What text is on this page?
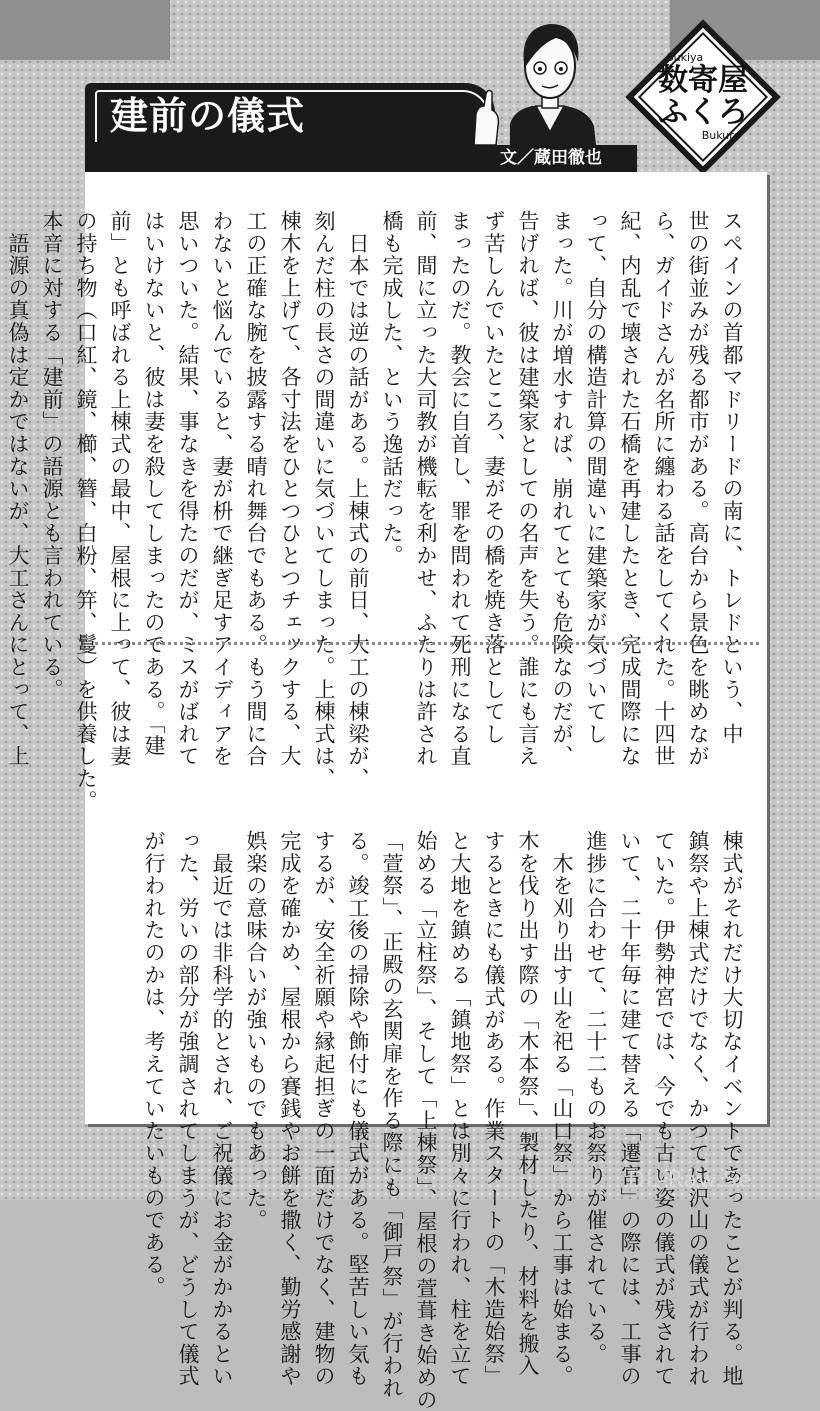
建前の儀式
文／蔵田徹也
Sukiya
数寄屋
ふくろ
Bukuro
スペインの首都マドリードの南に、トレドという、中
世の街並みが残る都市がある。高台から景色を眺めなが
ら、ガイドさんが名所に纏わる話をしてくれた。十四世
紀、内乱で壊された石橋を再建したとき、完成間際にな
って、自分の構造計算の間違いに建築家が気づいてし
まった。川が増水すれば、崩れてとても危険なのだが、
告げれば、彼は建築家としての名声を失う。誰にも言え
ず苦しんでいたところ、妻がその橋を焼き落としてし
まったのだ。教会に自首し、罪を問われて死刑になる直
前、間に立った大司教が機転を利かせ、ふたりは許され
橋も完成した、という逸話だった。
　日本では逆の話がある。上棟式の前日、大工の棟梁が、
刻んだ柱の長さの間違いに気づいてしまった。上棟式は、
棟木を上げて、各寸法をひとつひとつチェックする、大
工の正確な腕を披露する晴れ舞台でもある。もう間に合
わないと悩んでいると、妻が枡で継ぎ足すアイディアを
思いついた。結果、事なきを得たのだが、ミスがばれて
はいけないと、彼は妻を殺してしまったのである。「建
前」とも呼ばれる上棟式の最中、屋根に上って、彼は妻
の持ち物（口紅、鏡、櫛、簪、白粉、笄、鬘）を供養した。
本音に対する「建前」の語源とも言われている。
　語源の真偽は定かではないが、大工さんにとって、上
棟式がそれだけ大切なイベントであったことが判る。地
鎮祭や上棟式だけでなく、かつては沢山の儀式が行われ
ていた。伊勢神宮では、今でも古い姿の儀式が残されて
いて、二十年毎に建て替える「遷宮」の際には、工事の
進捗に合わせて、二十二ものお祭りが催されている。
　木を刈り出す山を祀る「山口祭」から工事は始まる。
木を伐り出す際の「木本祭」、製材したり、材料を搬入
するときにも儀式がある。作業スタートの「木造始祭」
と大地を鎮める「鎮地祭」とは別々に行われ、柱を立て
始める「立柱祭」、そして「上棟祭」、屋根の萱葺き始めの
「萱祭」、正殿の玄関扉を作る際にも「御戸祭」が行われ
る。竣工後の掃除や飾付にも儀式がある。堅苦しい気も
するが、安全祈願や縁起担ぎの一面だけでなく、建物の
完成を確かめ、屋根から賽銭やお餅を撒く、勤労感謝や
娯楽の意味合いが強いものでもあった。
　最近では非科学的とされ、ご祝儀にお金がかかるとい
った、労いの部分が強調されてしまうが、どうして儀式
が行われたのかは、考えていたいものである。	DL-Raw.Se
